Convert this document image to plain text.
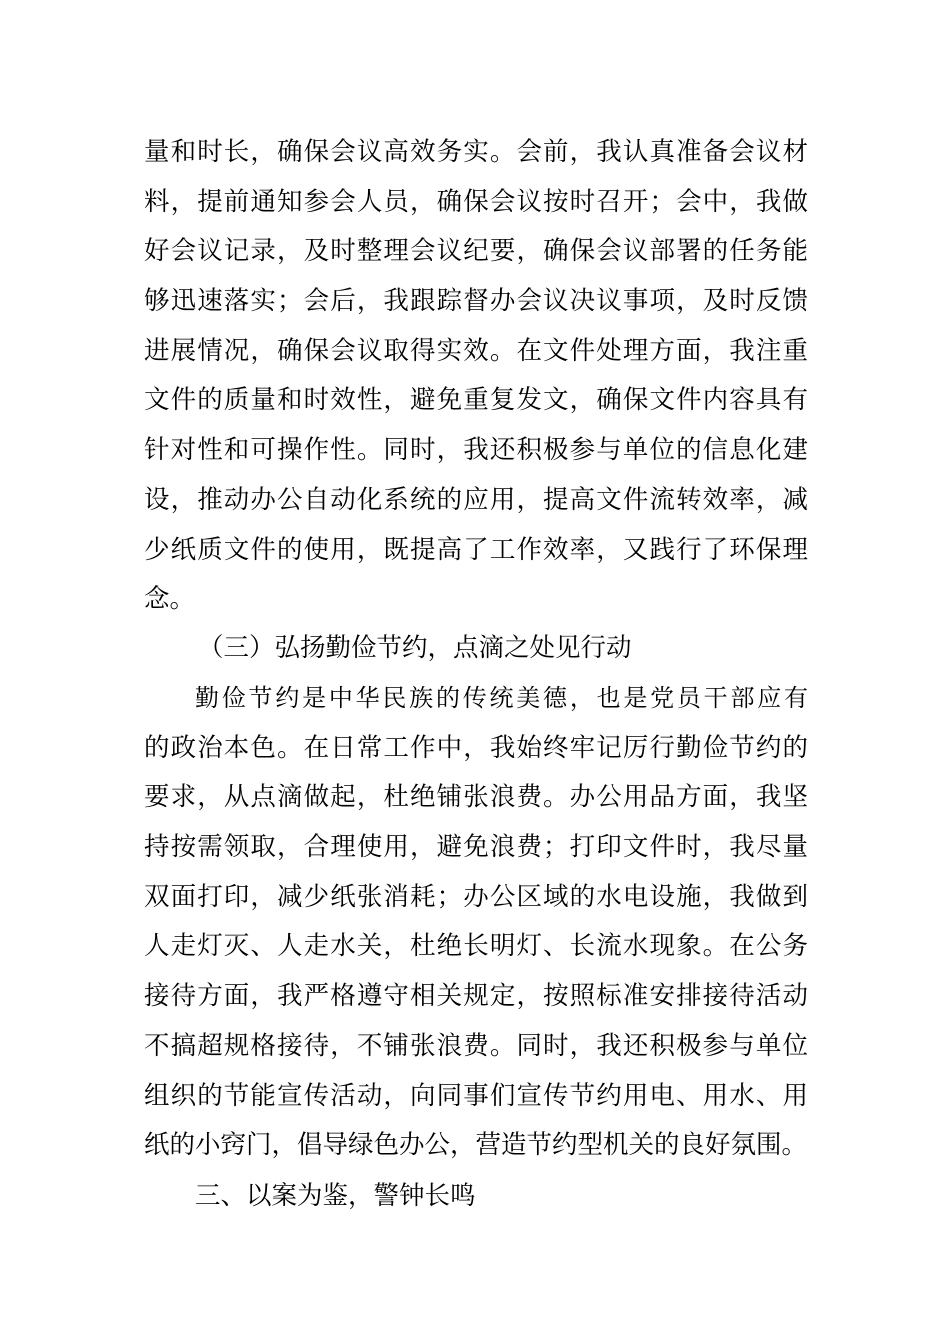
量和时长，确保会议高效务实。会前，我认真准备会议材
料，提前通知参会人员，确保会议按时召开；会中，我做
好会议记录，及时整理会议纪要，确保会议部署的任务能
够迅速落实；会后，我跟踪督办会议决议事项，及时反馈
进展情况，确保会议取得实效。在文件处理方面，我注重
文件的质量和时效性，避免重复发文，确保文件内容具有
针对性和可操作性。同时，我还积极参与单位的信息化建
设，推动办公自动化系统的应用，提高文件流转效率，减
少纸质文件的使用，既提高了工作效率，又践行了环保理
念。
（三）弘扬勤俭节约，点滴之处见行动
勤俭节约是中华民族的传统美德，也是党员干部应有
的政治本色。在日常工作中，我始终牢记厉行勤俭节约的
要求，从点滴做起，杜绝铺张浪费。办公用品方面，我坚
持按需领取，合理使用，避免浪费；打印文件时，我尽量
双面打印，减少纸张消耗；办公区域的水电设施，我做到
人走灯灭、人走水关，杜绝长明灯、长流水现象。在公务
接待方面，我严格遵守相关规定，按照标准安排接待活动
不搞超规格接待，不铺张浪费。同时，我还积极参与单位
组织的节能宣传活动，向同事们宣传节约用电、用水、用
纸的小窍门，倡导绿色办公，营造节约型机关的良好氛围。
三、以案为鉴，警钟长鸣
